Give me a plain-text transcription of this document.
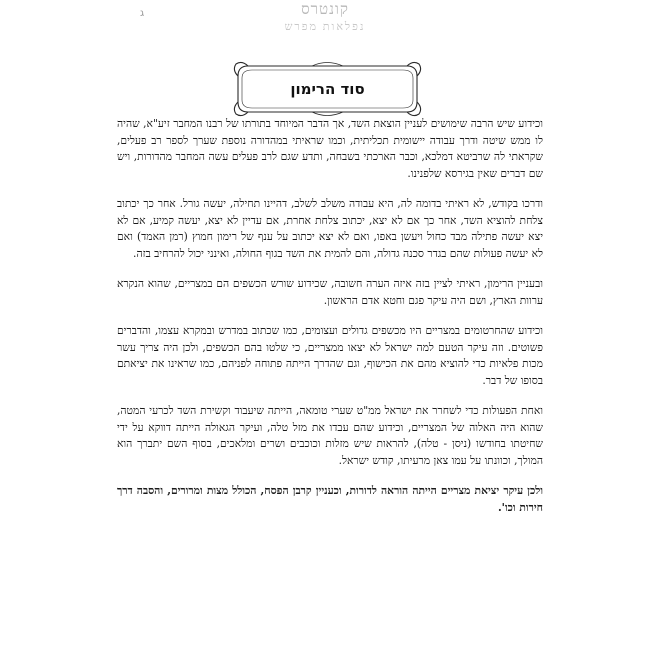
קונטרס
נפלאות מפרש
ג
סוד הרימון

וכידוע שיש הרבה שימושים לעניין הוצאת השד, אך הדבר המיוחד בתורתו של רבנו המחבר זיע"א, שהיה לו ממש שיטה ודרך עבודה יישומית תכליתית, וכמו שראיתי במהדורה נוספת שערך לספר רב פעלים, שקראתי לה שרביטא דמלכא, וכבר הארכתי בשבחה, ותדע שגם לרב פעלים עשה המחבר מהדורות, ויש שם דברים שאין בגירסא שלפנינו.

ודרכו בקודש, לא ראיתי בדומה לה, היא עבודה משלב לשלב, דהיינו תחילה, יעשה גורל. אחר כך יכתוב צלחת להוציא השד, אחר כך אם לא יצא, יכתוב צלחת אחרת, אם עדיין לא יצא, יעשה קמיע, אם לא יצא יעשה פתילה מבד כחול ויעשן באפו, ואם לא יצא יכתוב על ענף של רימון חמוץ (רמן האמד) ואם לא יעשה פעולות שהם בגדר סכנה גדולה, והם להמית את השד בגוף החולה, ואינני יכול להרחיב בזה.

ובעניין הרימון, ראיתי לציין בזה איזה הערה חשובה, שכידוע שורש הכשפים הם במצריים, שהוא הנקרא ערוות הארץ, ושם היה עיקר פגם וחטא אדם הראשון.

וכידוע שהחרטומים במצריים היו מכשפים גדולים ועצומים, כמו שכתוב במדרש ובמקרא עצמו, והדברים פשוטים. וזה עיקר הטעם למה ישראל לא יצאו ממצריים, כי שלטו בהם הכשפים, ולכן היה צריך עשר מכות פלאיות כדי להוציא מהם את הכישוף, וגם שהדרך הייתה פתוחה לפניהם, כמו שראינו את יציאתם בסופו של דבר.

ואחת הפעולות כדי לשחרר את ישראל ממ"ט שערי טומאה, הייתה שיעבוד וקשירת השד לכרעי המטה, שהוא היה האלוה של המצריים, וכידוע שהם עבדו את מזל טלה, ועיקר הגאולה הייתה דווקא על ידי שחיטתו בחודשו (ניסן - טלה), להראות שיש מזלות וכוכבים ושרים ומלאכים, בסוף השם יתברך הוא המולך, וכוונתו על עמו צאן מרעיתו, קודש ישראל.

ולכן עיקר יציאת מצריים הייתה הוראה לדורות, וכעניין קרבן הפסח, הכולל מצות ומרורים, והסבה דרך חירות וכו'.
